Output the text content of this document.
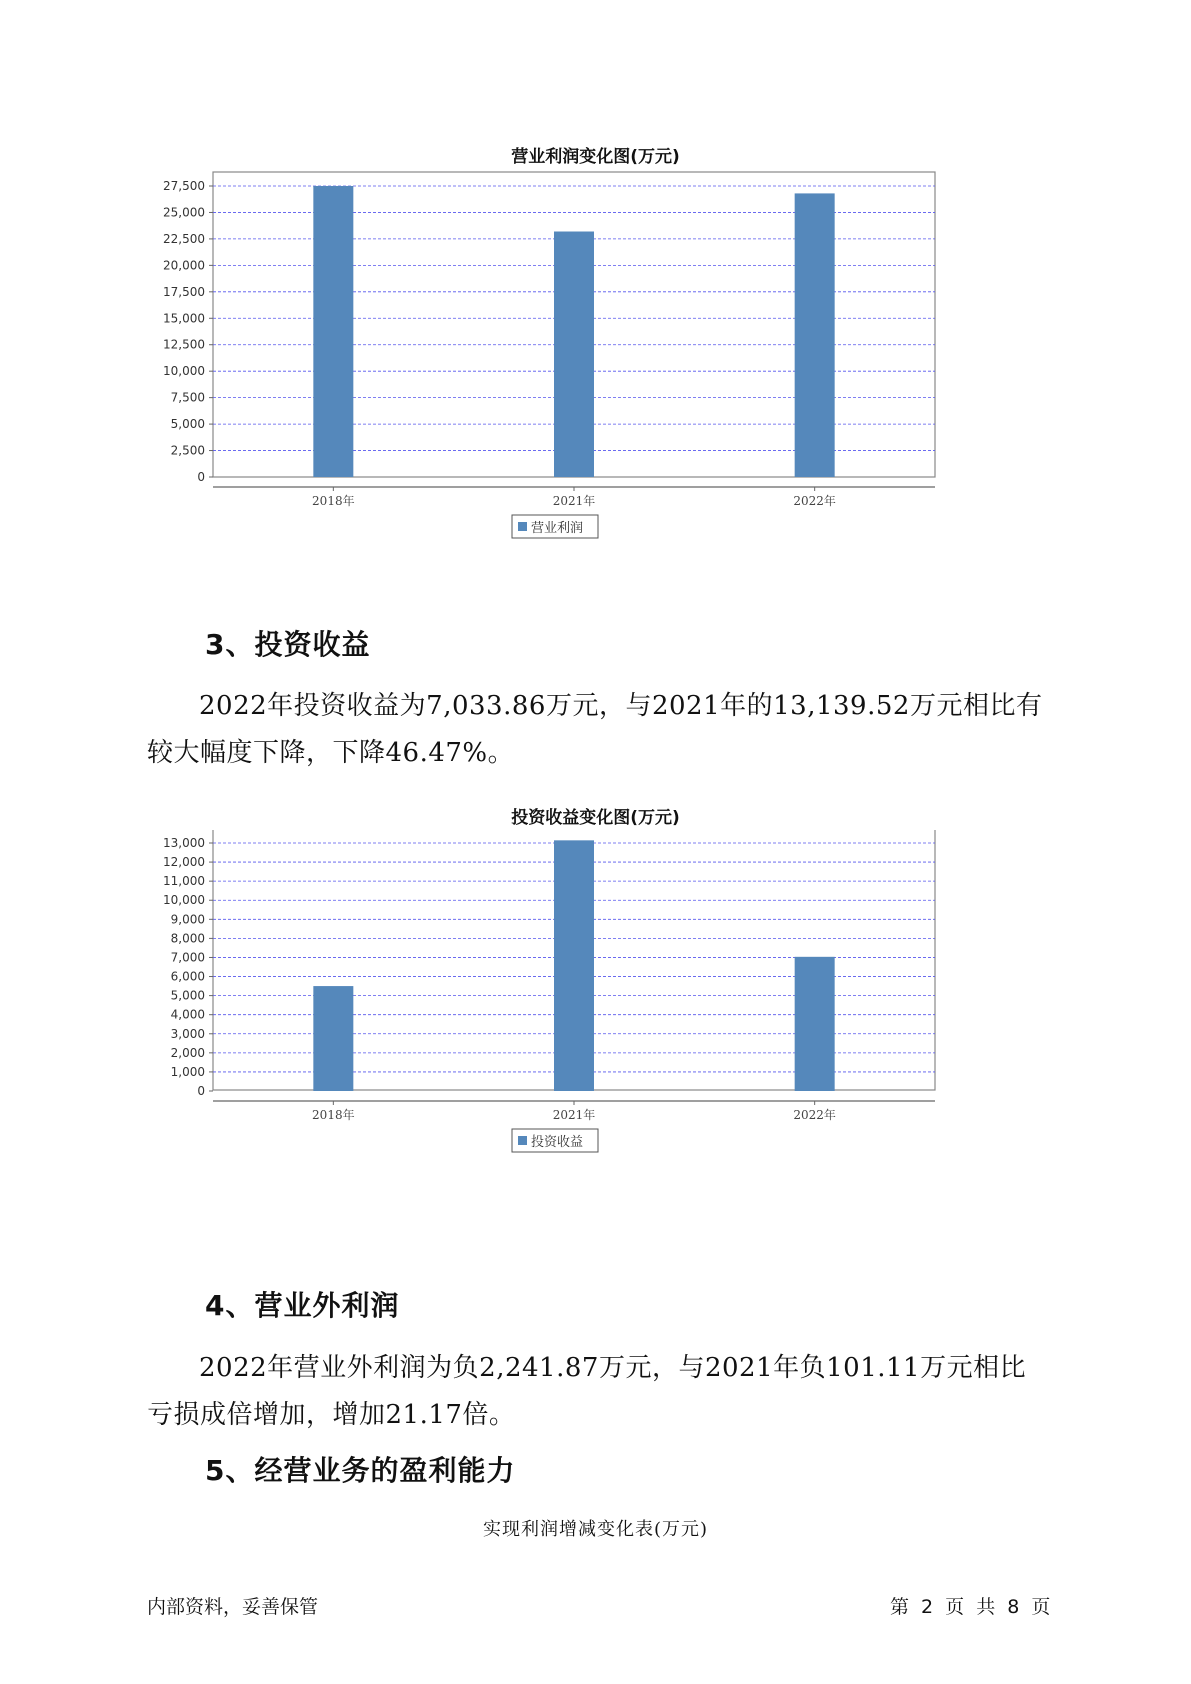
营业利润变化图(万元)
0
2,500
5,000
7,500
10,000
12,500
15,000
17,500
20,000
22,500
25,000
27,500
2018年	2021年	2022年
营业利润
3、投资收益
2022年投资收益为7,033.86万元，与2021年的13,139.52万元相比有较大幅度下降，下降46.47%。
投资收益变化图(万元)
0
1,000
2,000
3,000
4,000
5,000
6,000
7,000
8,000
9,000
10,000
11,000
12,000
13,000
2018年	2021年	2022年
投资收益
4、营业外利润
2022年营业外利润为负2,241.87万元，与2021年负101.11万元相比亏损成倍增加，增加21.17倍。
5、经营业务的盈利能力
实现利润增减变化表(万元)
内部资料，妥善保管	第 2 页 共 8 页
